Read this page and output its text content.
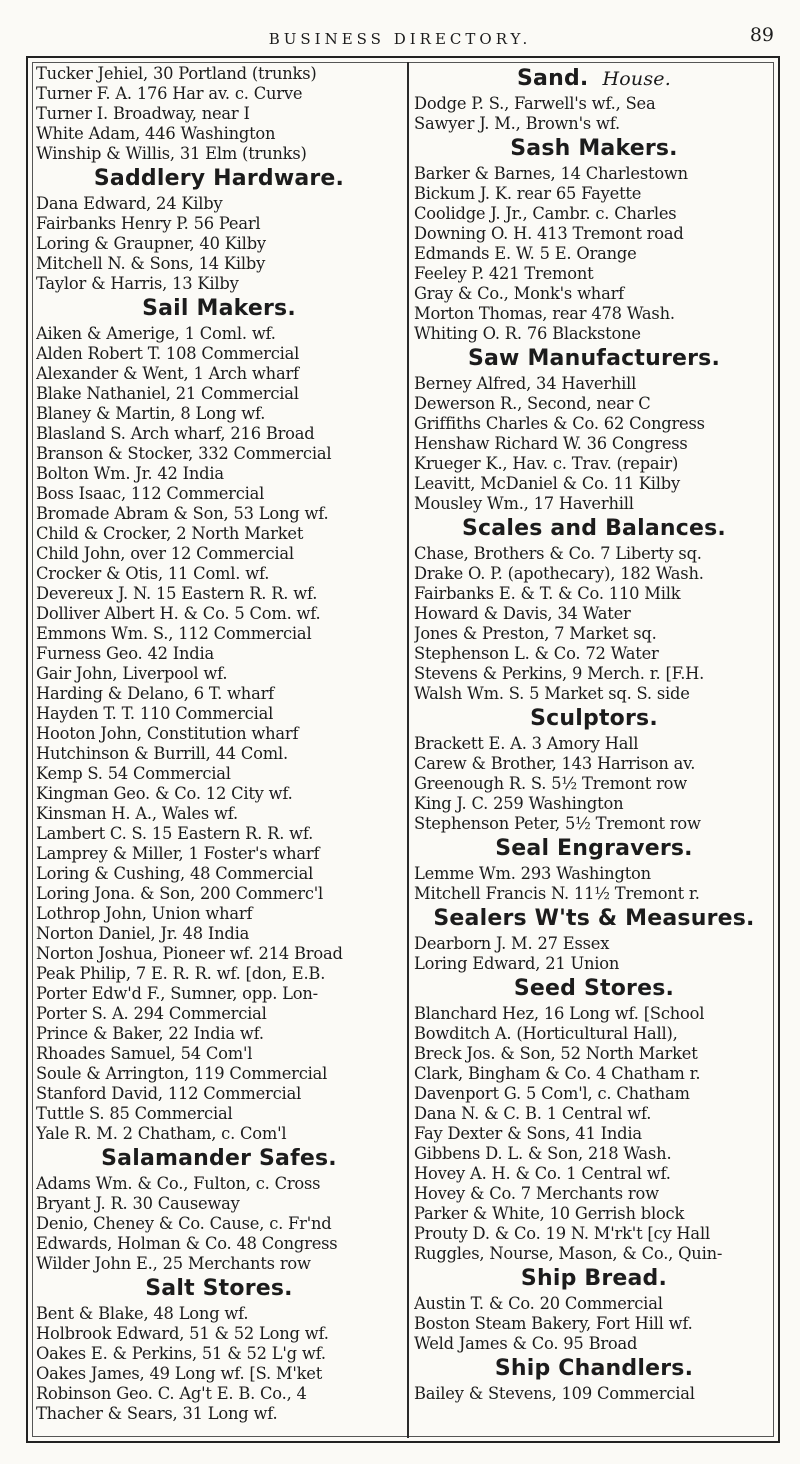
BUSINESS DIRECTORY.	89
Tucker Jehiel, 30 Portland (trunks)
Turner F. A. 176 Har av. c. Curve
Turner I. Broadway, near I
White Adam, 446 Washington
Winship & Willis, 31 Elm (trunks)
Saddlery Hardware.
Dana Edward, 24 Kilby
Fairbanks Henry P. 56 Pearl
Loring & Graupner, 40 Kilby
Mitchell N. & Sons, 14 Kilby
Taylor & Harris, 13 Kilby
Sail Makers.
Aiken & Amerige, 1 Coml. wf.
Alden Robert T. 108 Commercial
Alexander & Went, 1 Arch wharf
Blake Nathaniel, 21 Commercial
Blaney & Martin, 8 Long wf.
Blasland S. Arch wharf, 216 Broad
Branson & Stocker, 332 Commercial
Bolton Wm. Jr. 42 India
Boss Isaac, 112 Commercial
Bromade Abram & Son, 53 Long wf.
Child & Crocker, 2 North Market
Child John, over 12 Commercial
Crocker & Otis, 11 Coml. wf.
Devereux J. N. 15 Eastern R. R. wf.
Dolliver Albert H. & Co. 5 Com. wf.
Emmons Wm. S., 112 Commercial
Furness Geo. 42 India
Gair John, Liverpool wf.
Harding & Delano, 6 T. wharf
Hayden T. T. 110 Commercial
Hooton John, Constitution wharf
Hutchinson & Burrill, 44 Coml.
Kemp S. 54 Commercial
Kingman Geo. & Co. 12 City wf.
Kinsman H. A., Wales wf.
Lambert C. S. 15 Eastern R. R. wf.
Lamprey & Miller, 1 Foster's wharf
Loring & Cushing, 48 Commercial
Loring Jona. & Son, 200 Commerc'l
Lothrop John, Union wharf
Norton Daniel, Jr. 48 India
Norton Joshua, Pioneer wf. 214 Broad
Peak Philip, 7 E. R. R. wf. [don, E.B.
Porter Edw'd F., Sumner, opp. Lon-
Porter S. A. 294 Commercial
Prince & Baker, 22 India wf.
Rhoades Samuel, 54 Com'l
Soule & Arrington, 119 Commercial
Stanford David, 112 Commercial
Tuttle S. 85 Commercial
Yale R. M. 2 Chatham, c. Com'l
Salamander Safes.
Adams Wm. & Co., Fulton, c. Cross
Bryant J. R. 30 Causeway
Denio, Cheney & Co. Cause, c. Fr'nd
Edwards, Holman & Co. 48 Congress
Wilder John E., 25 Merchants row
Salt Stores.
Bent & Blake, 48 Long wf.
Holbrook Edward, 51 & 52 Long wf.
Oakes E. & Perkins, 51 & 52 L'g wf.
Oakes James, 49 Long wf. [S. M'ket
Robinson Geo. C. Ag't E. B. Co., 4
Thacher & Sears, 31 Long wf.
Sand. House.
Dodge P. S., Farwell's wf., Sea
Sawyer J. M., Brown's wf.
Sash Makers.
Barker & Barnes, 14 Charlestown
Bickum J. K. rear 65 Fayette
Coolidge J. Jr., Cambr. c. Charles
Downing O. H. 413 Tremont road
Edmands E. W. 5 E. Orange
Feeley P. 421 Tremont
Gray & Co., Monk's wharf
Morton Thomas, rear 478 Wash.
Whiting O. R. 76 Blackstone
Saw Manufacturers.
Berney Alfred, 34 Haverhill
Dewerson R., Second, near C
Griffiths Charles & Co. 62 Congress
Henshaw Richard W. 36 Congress
Krueger K., Hav. c. Trav. (repair)
Leavitt, McDaniel & Co. 11 Kilby
Mousley Wm., 17 Haverhill
Scales and Balances.
Chase, Brothers & Co. 7 Liberty sq.
Drake O. P. (apothecary), 182 Wash.
Fairbanks E. & T. & Co. 110 Milk
Howard & Davis, 34 Water
Jones & Preston, 7 Market sq.
Stephenson L. & Co. 72 Water
Stevens & Perkins, 9 Merch. r. [F.H.
Walsh Wm. S. 5 Market sq. S. side
Sculptors.
Brackett E. A. 3 Amory Hall
Carew & Brother, 143 Harrison av.
Greenough R. S. 5½ Tremont row
King J. C. 259 Washington
Stephenson Peter, 5½ Tremont row
Seal Engravers.
Lemme Wm. 293 Washington
Mitchell Francis N. 11½ Tremont r.
Sealers W'ts & Measures.
Dearborn J. M. 27 Essex
Loring Edward, 21 Union
Seed Stores.
Blanchard Hez, 16 Long wf. [School
Bowditch A. (Horticultural Hall),
Breck Jos. & Son, 52 North Market
Clark, Bingham & Co. 4 Chatham r.
Davenport G. 5 Com'l, c. Chatham
Dana N. & C. B. 1 Central wf.
Fay Dexter & Sons, 41 India
Gibbens D. L. & Son, 218 Wash.
Hovey A. H. & Co. 1 Central wf.
Hovey & Co. 7 Merchants row
Parker & White, 10 Gerrish block
Prouty D. & Co. 19 N. M'rk't [cy Hall
Ruggles, Nourse, Mason, & Co., Quin-
Ship Bread.
Austin T. & Co. 20 Commercial
Boston Steam Bakery, Fort Hill wf.
Weld James & Co. 95 Broad
Ship Chandlers.
Bailey & Stevens, 109 Commercial
